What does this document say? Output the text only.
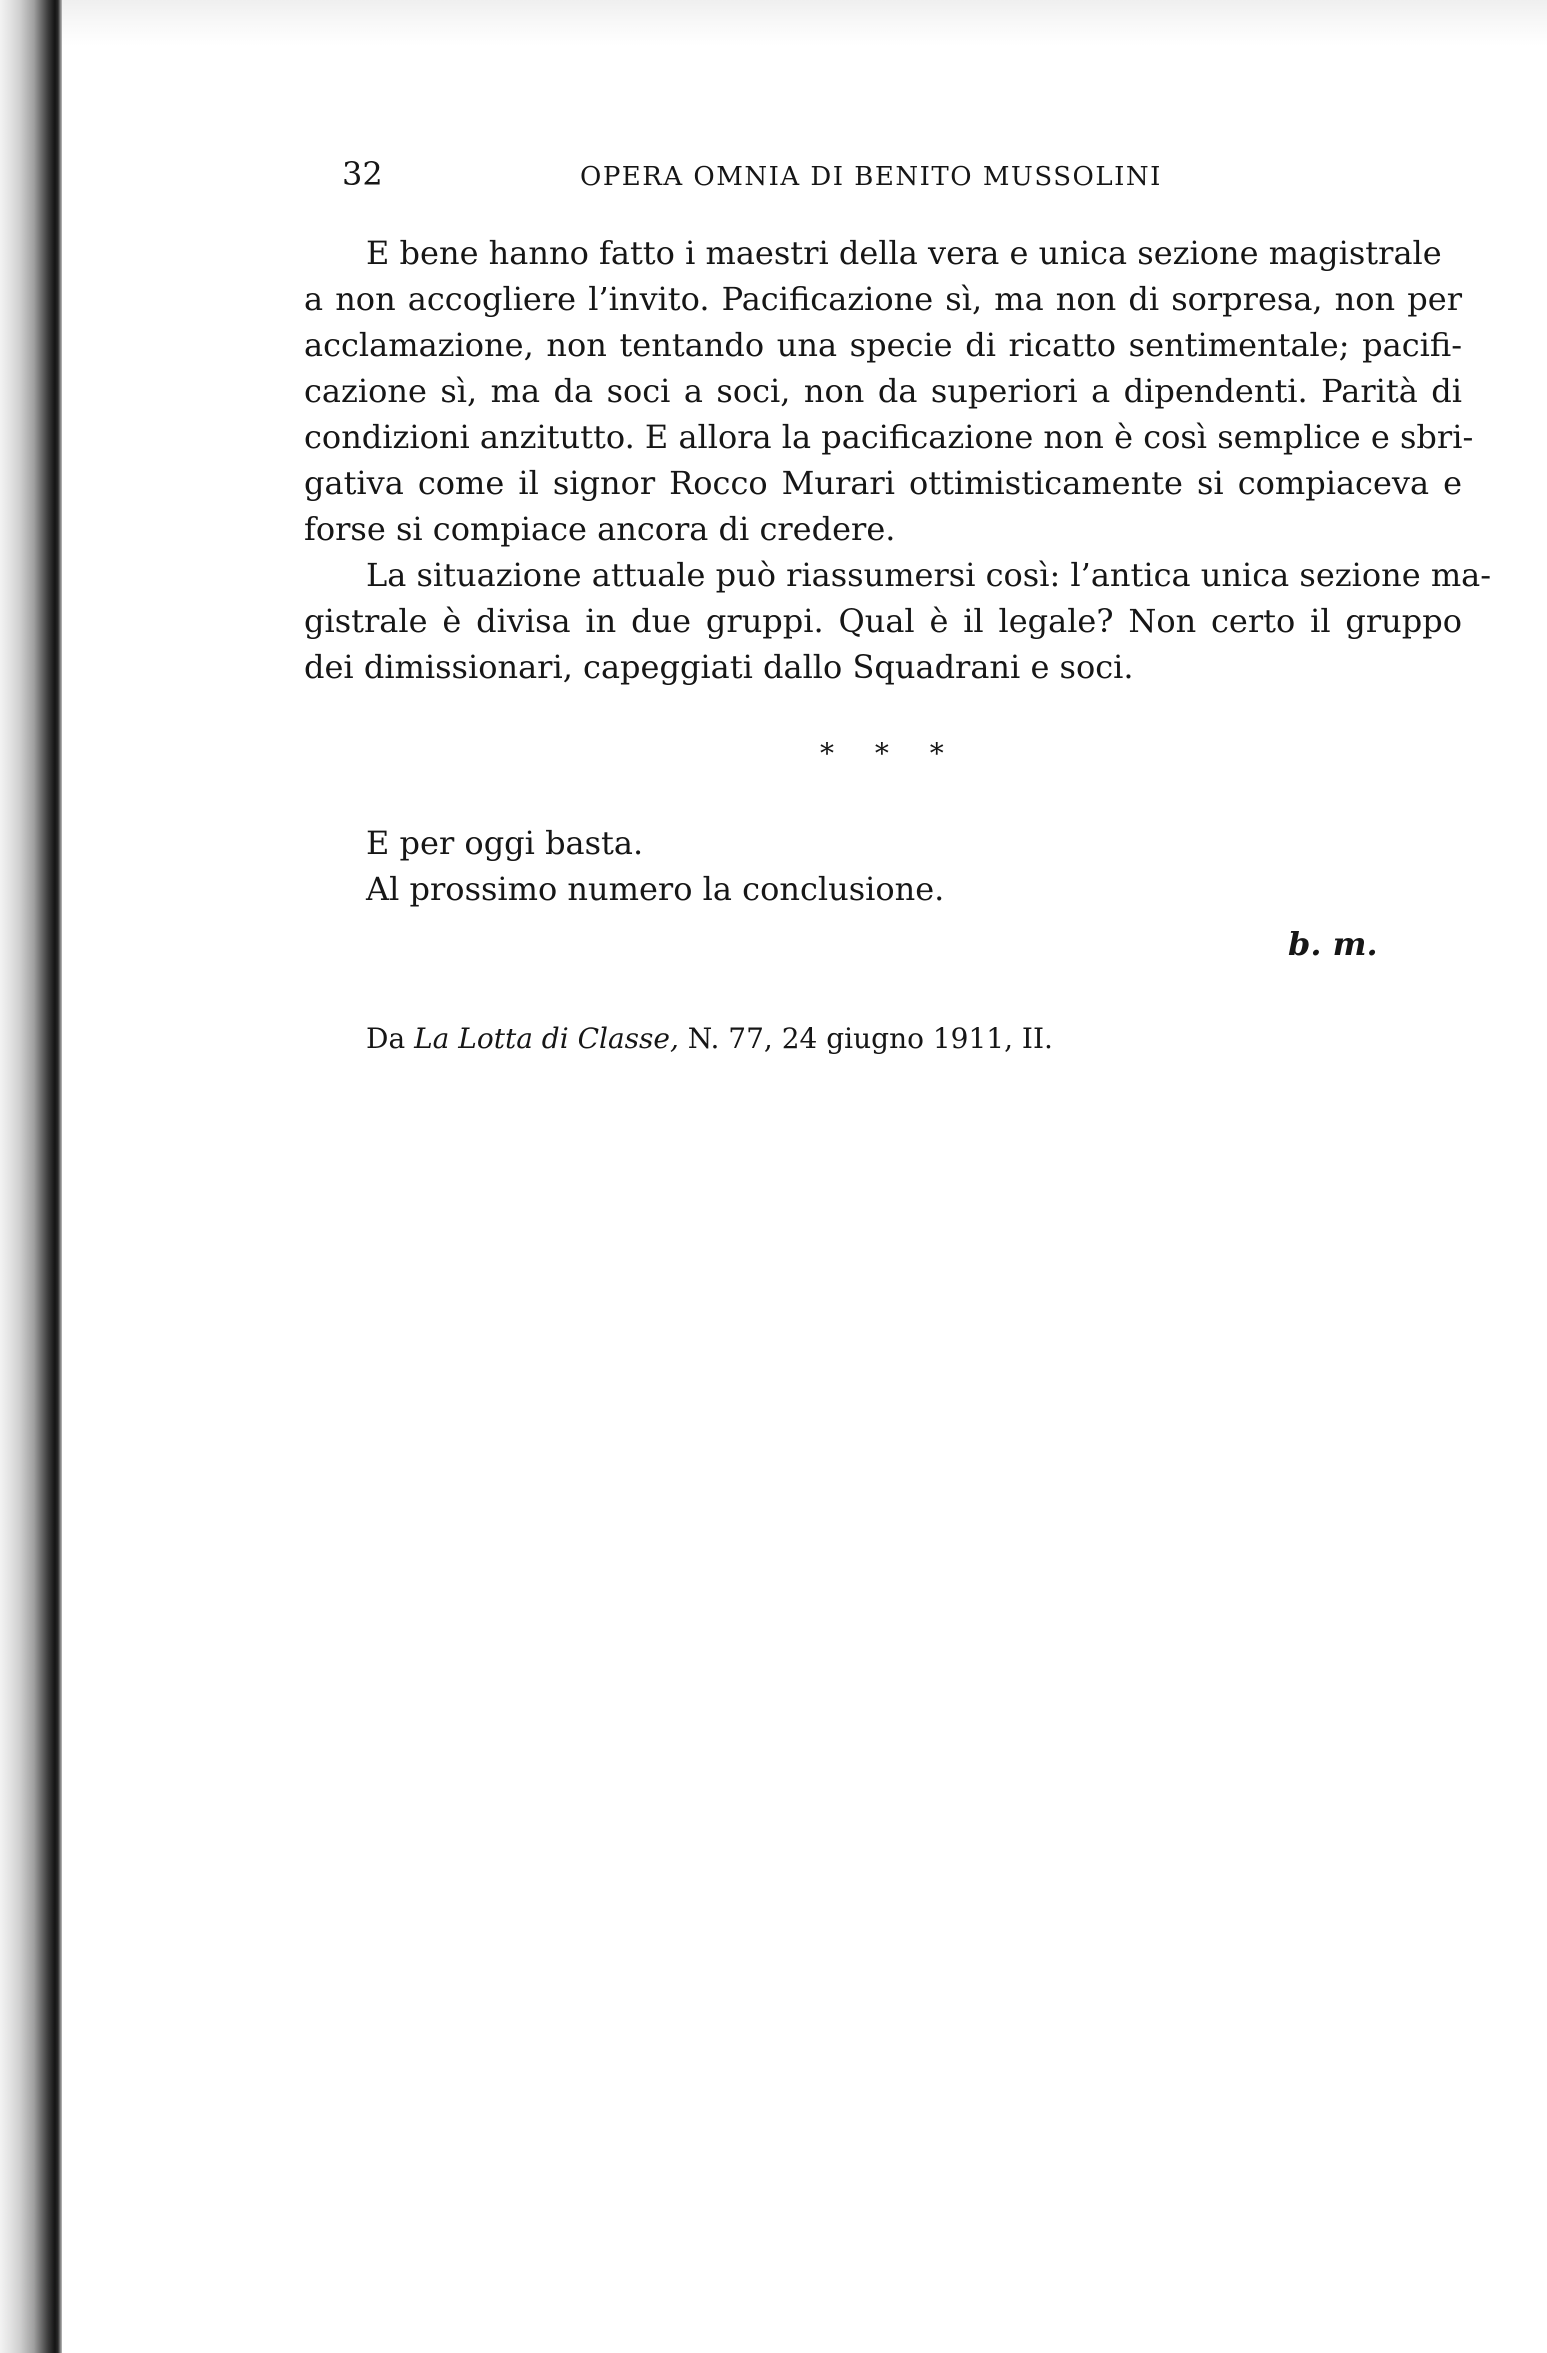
32	OPERA OMNIA DI BENITO MUSSOLINI
E bene hanno fatto i maestri della vera e unica sezione magistrale
a non accogliere l’invito. Pacificazione sì, ma non di sorpresa, non per
acclamazione, non tentando una specie di ricatto sentimentale; pacifi-
cazione sì, ma da soci a soci, non da superiori a dipendenti. Parità di
condizioni anzitutto. E allora la pacificazione non è così semplice e sbri-
gativa come il signor Rocco Murari ottimisticamente si compiaceva e
forse si compiace ancora di credere.
La situazione attuale può riassumersi così: l’antica unica sezione ma-
gistrale è divisa in due gruppi. Qual è il legale? Non certo il gruppo
dei dimissionari, capeggiati dallo Squadrani e soci.
* * *
E per oggi basta.
Al prossimo numero la conclusione.
b. m.
Da La Lotta di Classe, N. 77, 24 giugno 1911, II.
